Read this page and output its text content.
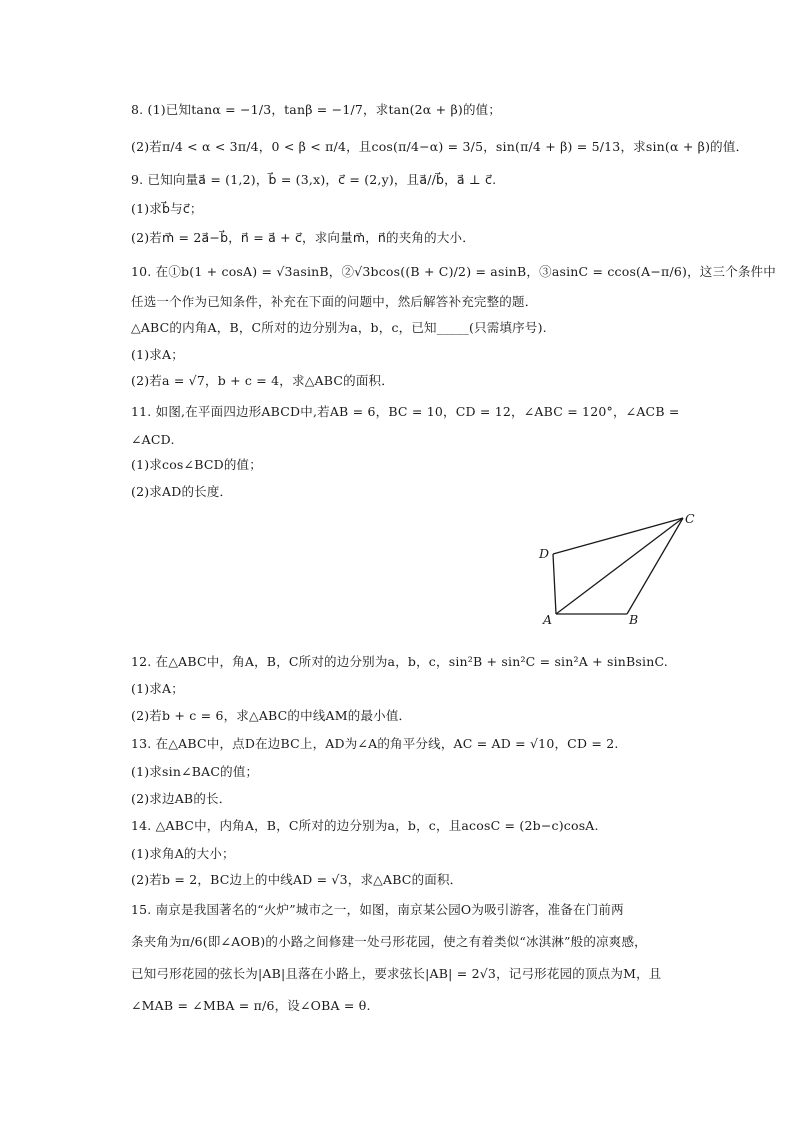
8. (1)已知tanα = −1/3，tanβ = −1/7，求tan(2α + β)的值；
(2)若π/4 < α < 3π/4，0 < β < π/4，且cos(π/4−α) = 3/5，sin(π/4 + β) = 5/13，求sin(α + β)的值．
9. 已知向量a⃗ = (1,2)，b⃗ = (3,x)，c⃗ = (2,y)，且a⃗//b⃗，a⃗ ⊥ c⃗.
(1)求b⃗与c⃗；
(2)若m⃗ = 2a⃗−b⃗，n⃗ = a⃗ + c⃗，求向量m⃗，n⃗的夹角的大小．
10. 在①b(1 + cosA) = √3asinB，②√3bcos((B + C)/2) = asinB，③asinC = ccos(A−π/6)，这三个条件中
任选一个作为已知条件，补充在下面的问题中，然后解答补充完整的题．
△ABC的内角A，B，C所对的边分别为a，b，c，已知_____(只需填序号).
(1)求A；
(2)若a = √7，b + c = 4，求△ABC的面积．
11. 如图,在平面四边形ABCD中,若AB = 6，BC = 10，CD = 12，∠ABC = 120°，∠ACB =
∠ACD.
(1)求cos∠BCD的值；
(2)求AD的长度．
A	B
C
D
12. 在△ABC中，角A，B，C所对的边分别为a，b，c，sin²B + sin²C = sin²A + sinBsinC.
(1)求A；
(2)若b + c = 6，求△ABC的中线AM的最小值．
13. 在△ABC中，点D在边BC上，AD为∠A的角平分线，AC = AD = √10，CD = 2.
(1)求sin∠BAC的值；
(2)求边AB的长．
14. △ABC中，内角A，B，C所对的边分别为a，b，c，且acosC = (2b−c)cosA.
(1)求角A的大小；
(2)若b = 2，BC边上的中线AD = √3，求△ABC的面积．
15. 南京是我国著名的“火炉”城市之一，如图，南京某公园O为吸引游客，准备在门前两
条夹角为π/6(即∠AOB)的小路之间修建一处弓形花园，使之有着类似“冰淇淋”般的凉爽感，
已知弓形花园的弦长为|AB|且落在小路上，要求弦长|AB| = 2√3，记弓形花园的顶点为M，且
∠MAB = ∠MBA = π/6，设∠OBA = θ.
